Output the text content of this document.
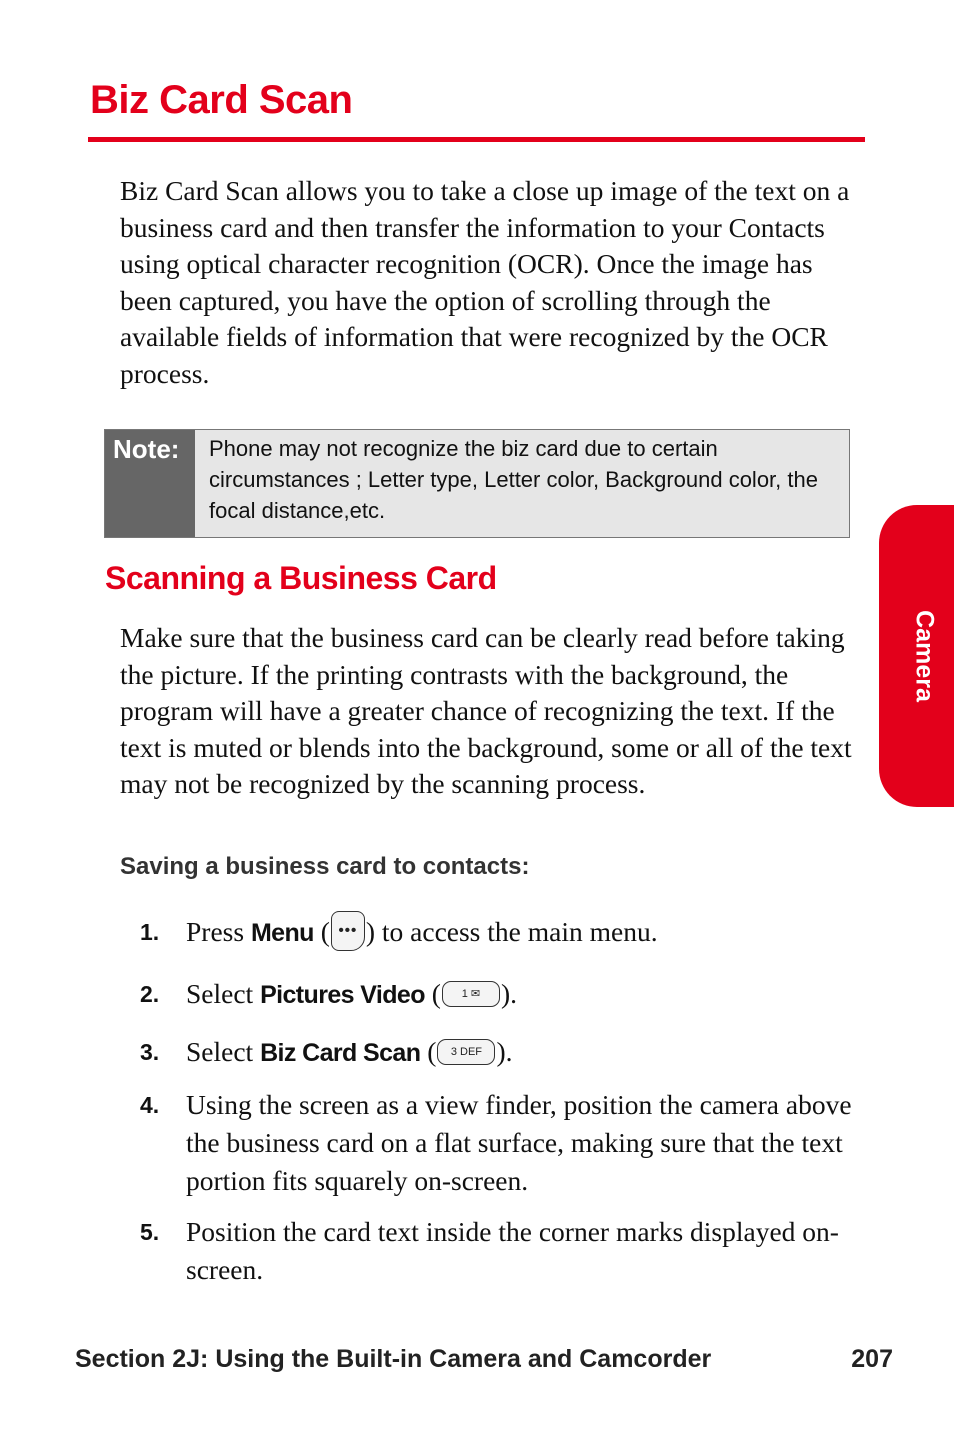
Biz Card Scan

Biz Card Scan allows you to take a close up image of the text on a business card and then transfer the information to your Contacts using optical character recognition (OCR). Once the image has been captured, you have the option of scrolling through the available fields of information that were recognized by the OCR process.

Note:	Phone may not recognize the biz card due to certain circumstances ; Letter type, Letter color, Background color, the focal distance,etc.
Scanning a Business Card

Make sure that the business card can be clearly read before taking the picture. If the printing contrasts with the background, the program will have a greater chance of recognizing the text. If the text is muted or blends into the background, some or all of the text may not be recognized by the scanning process.

Saving a business card to contacts:
1. Press Menu ( ••• ) to access the main menu.
2. Select Pictures Video (	1 ✉ ).
3. Select Biz Card Scan (	3 DEF ).
4. Using the screen as a view finder, position the camera above the business card on a flat surface, making sure that the text portion fits squarely on-screen.
5. Position the card text inside the corner marks displayed on-screen.
Camera
Section 2J: Using the Built-in Camera and Camcorder	207
